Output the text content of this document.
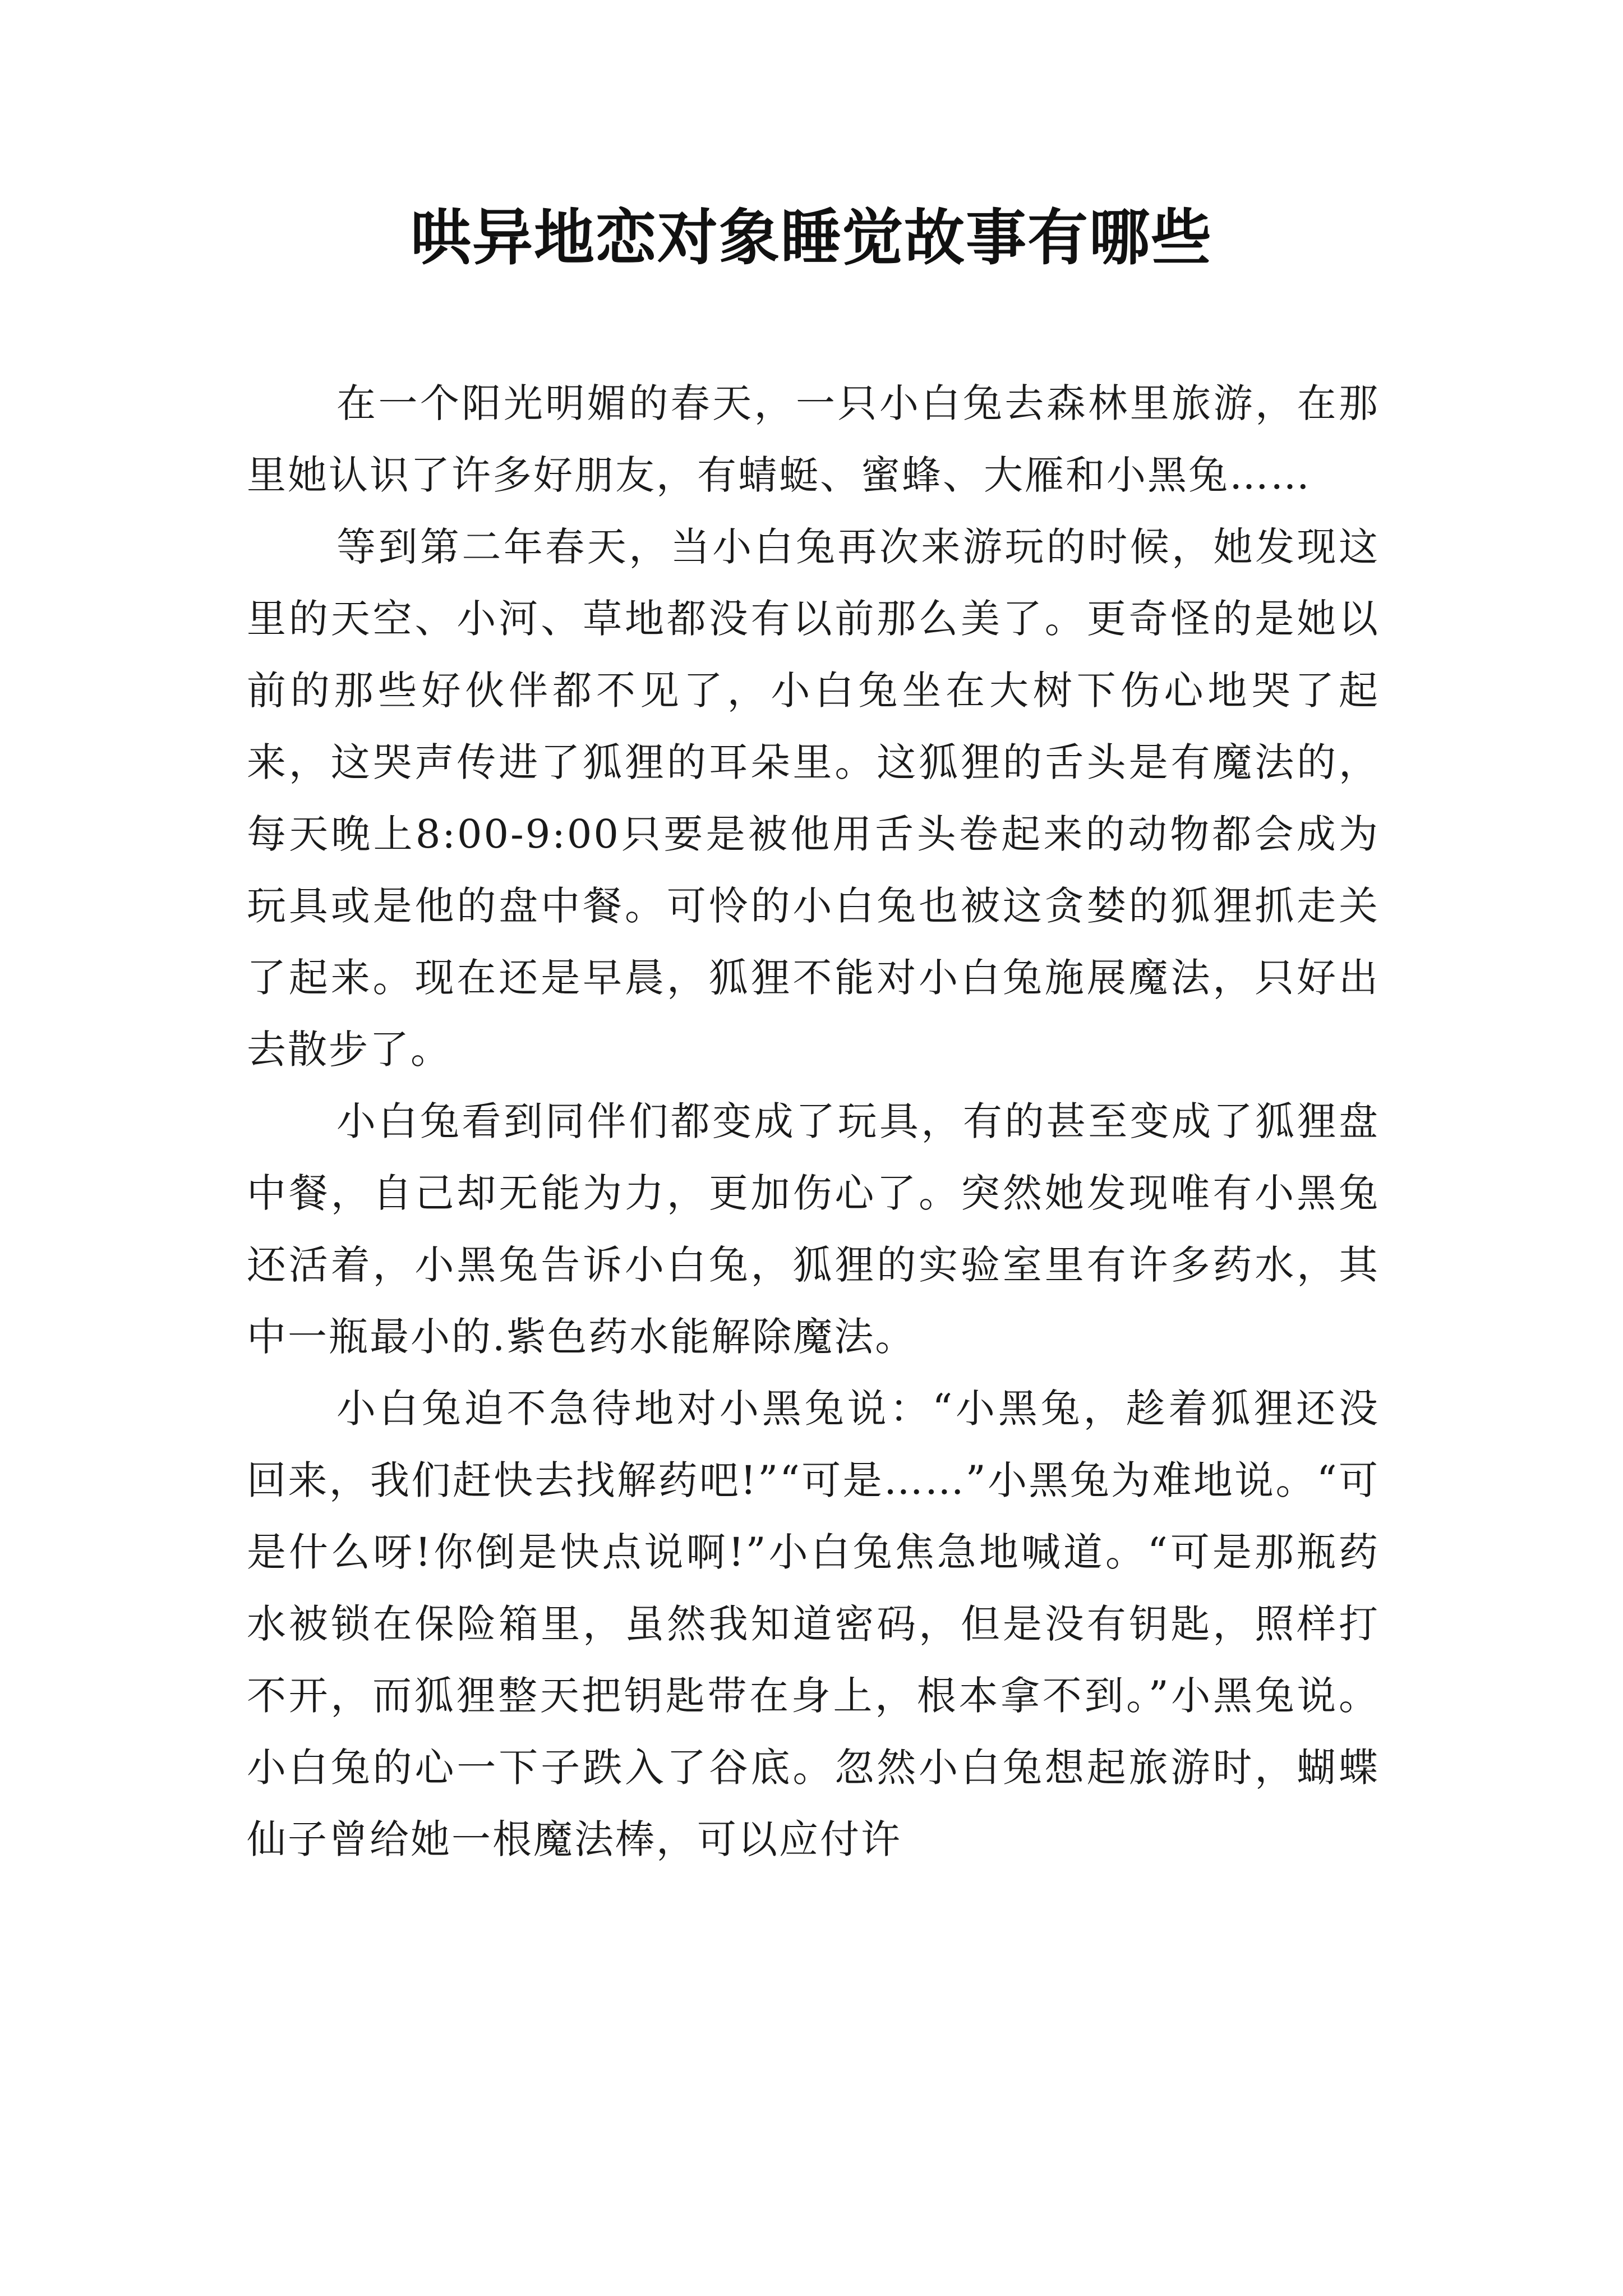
哄异地恋对象睡觉故事有哪些

在一个阳光明媚的春天，一只小白兔去森林里旅游，在那里她认识了许多好朋友，有蜻蜓、蜜蜂、大雁和小黑兔……

等到第二年春天，当小白兔再次来游玩的时候，她发现这里的天空、小河、草地都没有以前那么美了。更奇怪的是她以前的那些好伙伴都不见了，小白兔坐在大树下伤心地哭了起来，这哭声传进了狐狸的耳朵里。这狐狸的舌头是有魔法的，每天晚上8:00-9:00只要是被他用舌头卷起来的动物都会成为玩具或是他的盘中餐。可怜的小白兔也被这贪婪的狐狸抓走关了起来。现在还是早晨，狐狸不能对小白兔施展魔法，只好出去散步了。

小白兔看到同伴们都变成了玩具，有的甚至变成了狐狸盘中餐，自己却无能为力，更加伤心了。突然她发现唯有小黑兔还活着，小黑兔告诉小白兔，狐狸的实验室里有许多药水，其中一瓶最小的.紫色药水能解除魔法。

小白兔迫不急待地对小黑兔说：“小黑兔，趁着狐狸还没回来，我们赶快去找解药吧!”“可是……”小黑兔为难地说。“可是什么呀!你倒是快点说啊!”小白兔焦急地喊道。“可是那瓶药水被锁在保险箱里，虽然我知道密码，但是没有钥匙，照样打不开，而狐狸整天把钥匙带在身上，根本拿不到。”小黑兔说。小白兔的心一下子跌入了谷底。忽然小白兔想起旅游时，蝴蝶仙子曾给她一根魔法棒，可以应付许
